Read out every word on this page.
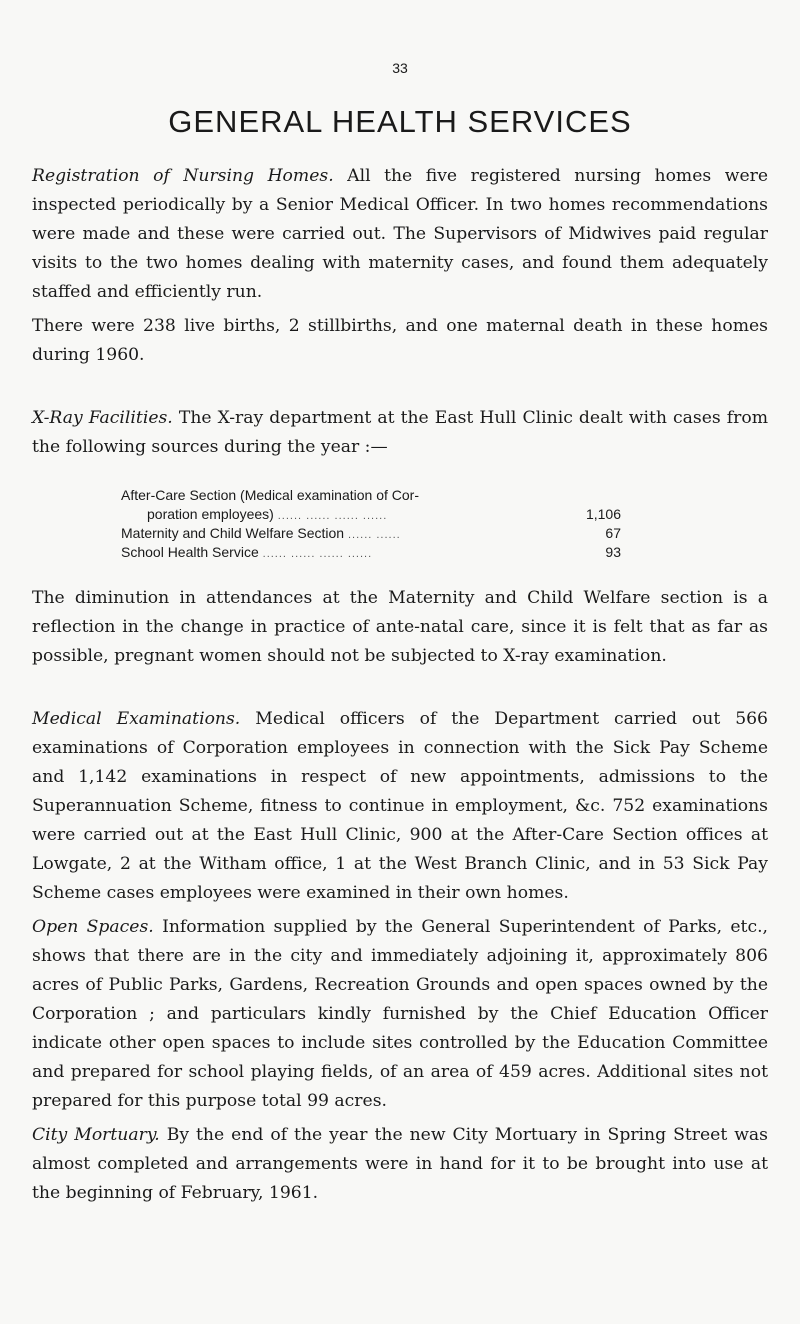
33
GENERAL HEALTH SERVICES

Registration of Nursing Homes. All the five registered nursing homes were inspected periodically by a Senior Medical Officer. In two homes recommendations were made and these were carried out. The Supervisors of Midwives paid regular visits to the two homes dealing with maternity cases, and found them adequately staffed and efficiently run.

There were 238 live births, 2 stillbirths, and one maternal death in these homes during 1960.

X-Ray Facilities. The X-ray department at the East Hull Clinic dealt with cases from the following sources during the year :—

After-Care Section (Medical examination of Cor-
poration employees) ...... ...... ...... ......	1,106
Maternity and Child Welfare Section ...... ......	67
School Health Service ...... ...... ...... ......	93

The diminution in attendances at the Maternity and Child Welfare section is a reflection in the change in practice of ante-natal care, since it is felt that as far as possible, pregnant women should not be subjected to X-ray examination.

Medical Examinations. Medical officers of the Department carried out 566 examinations of Corporation employees in connection with the Sick Pay Scheme and 1,142 examinations in respect of new appointments, admissions to the Superannuation Scheme, fitness to continue in employment, &c. 752 examinations were carried out at the East Hull Clinic, 900 at the After-Care Section offices at Lowgate, 2 at the Witham office, 1 at the West Branch Clinic, and in 53 Sick Pay Scheme cases employees were examined in their own homes.

Open Spaces. Information supplied by the General Superintendent of Parks, etc., shows that there are in the city and immediately adjoining it, approximately 806 acres of Public Parks, Gardens, Recreation Grounds and open spaces owned by the Corporation ; and particulars kindly furnished by the Chief Education Officer indicate other open spaces to include sites controlled by the Education Committee and prepared for school playing fields, of an area of 459 acres. Additional sites not prepared for this purpose total 99 acres.

City Mortuary. By the end of the year the new City Mortuary in Spring Street was almost completed and arrangements were in hand for it to be brought into use at the beginning of February, 1961.
